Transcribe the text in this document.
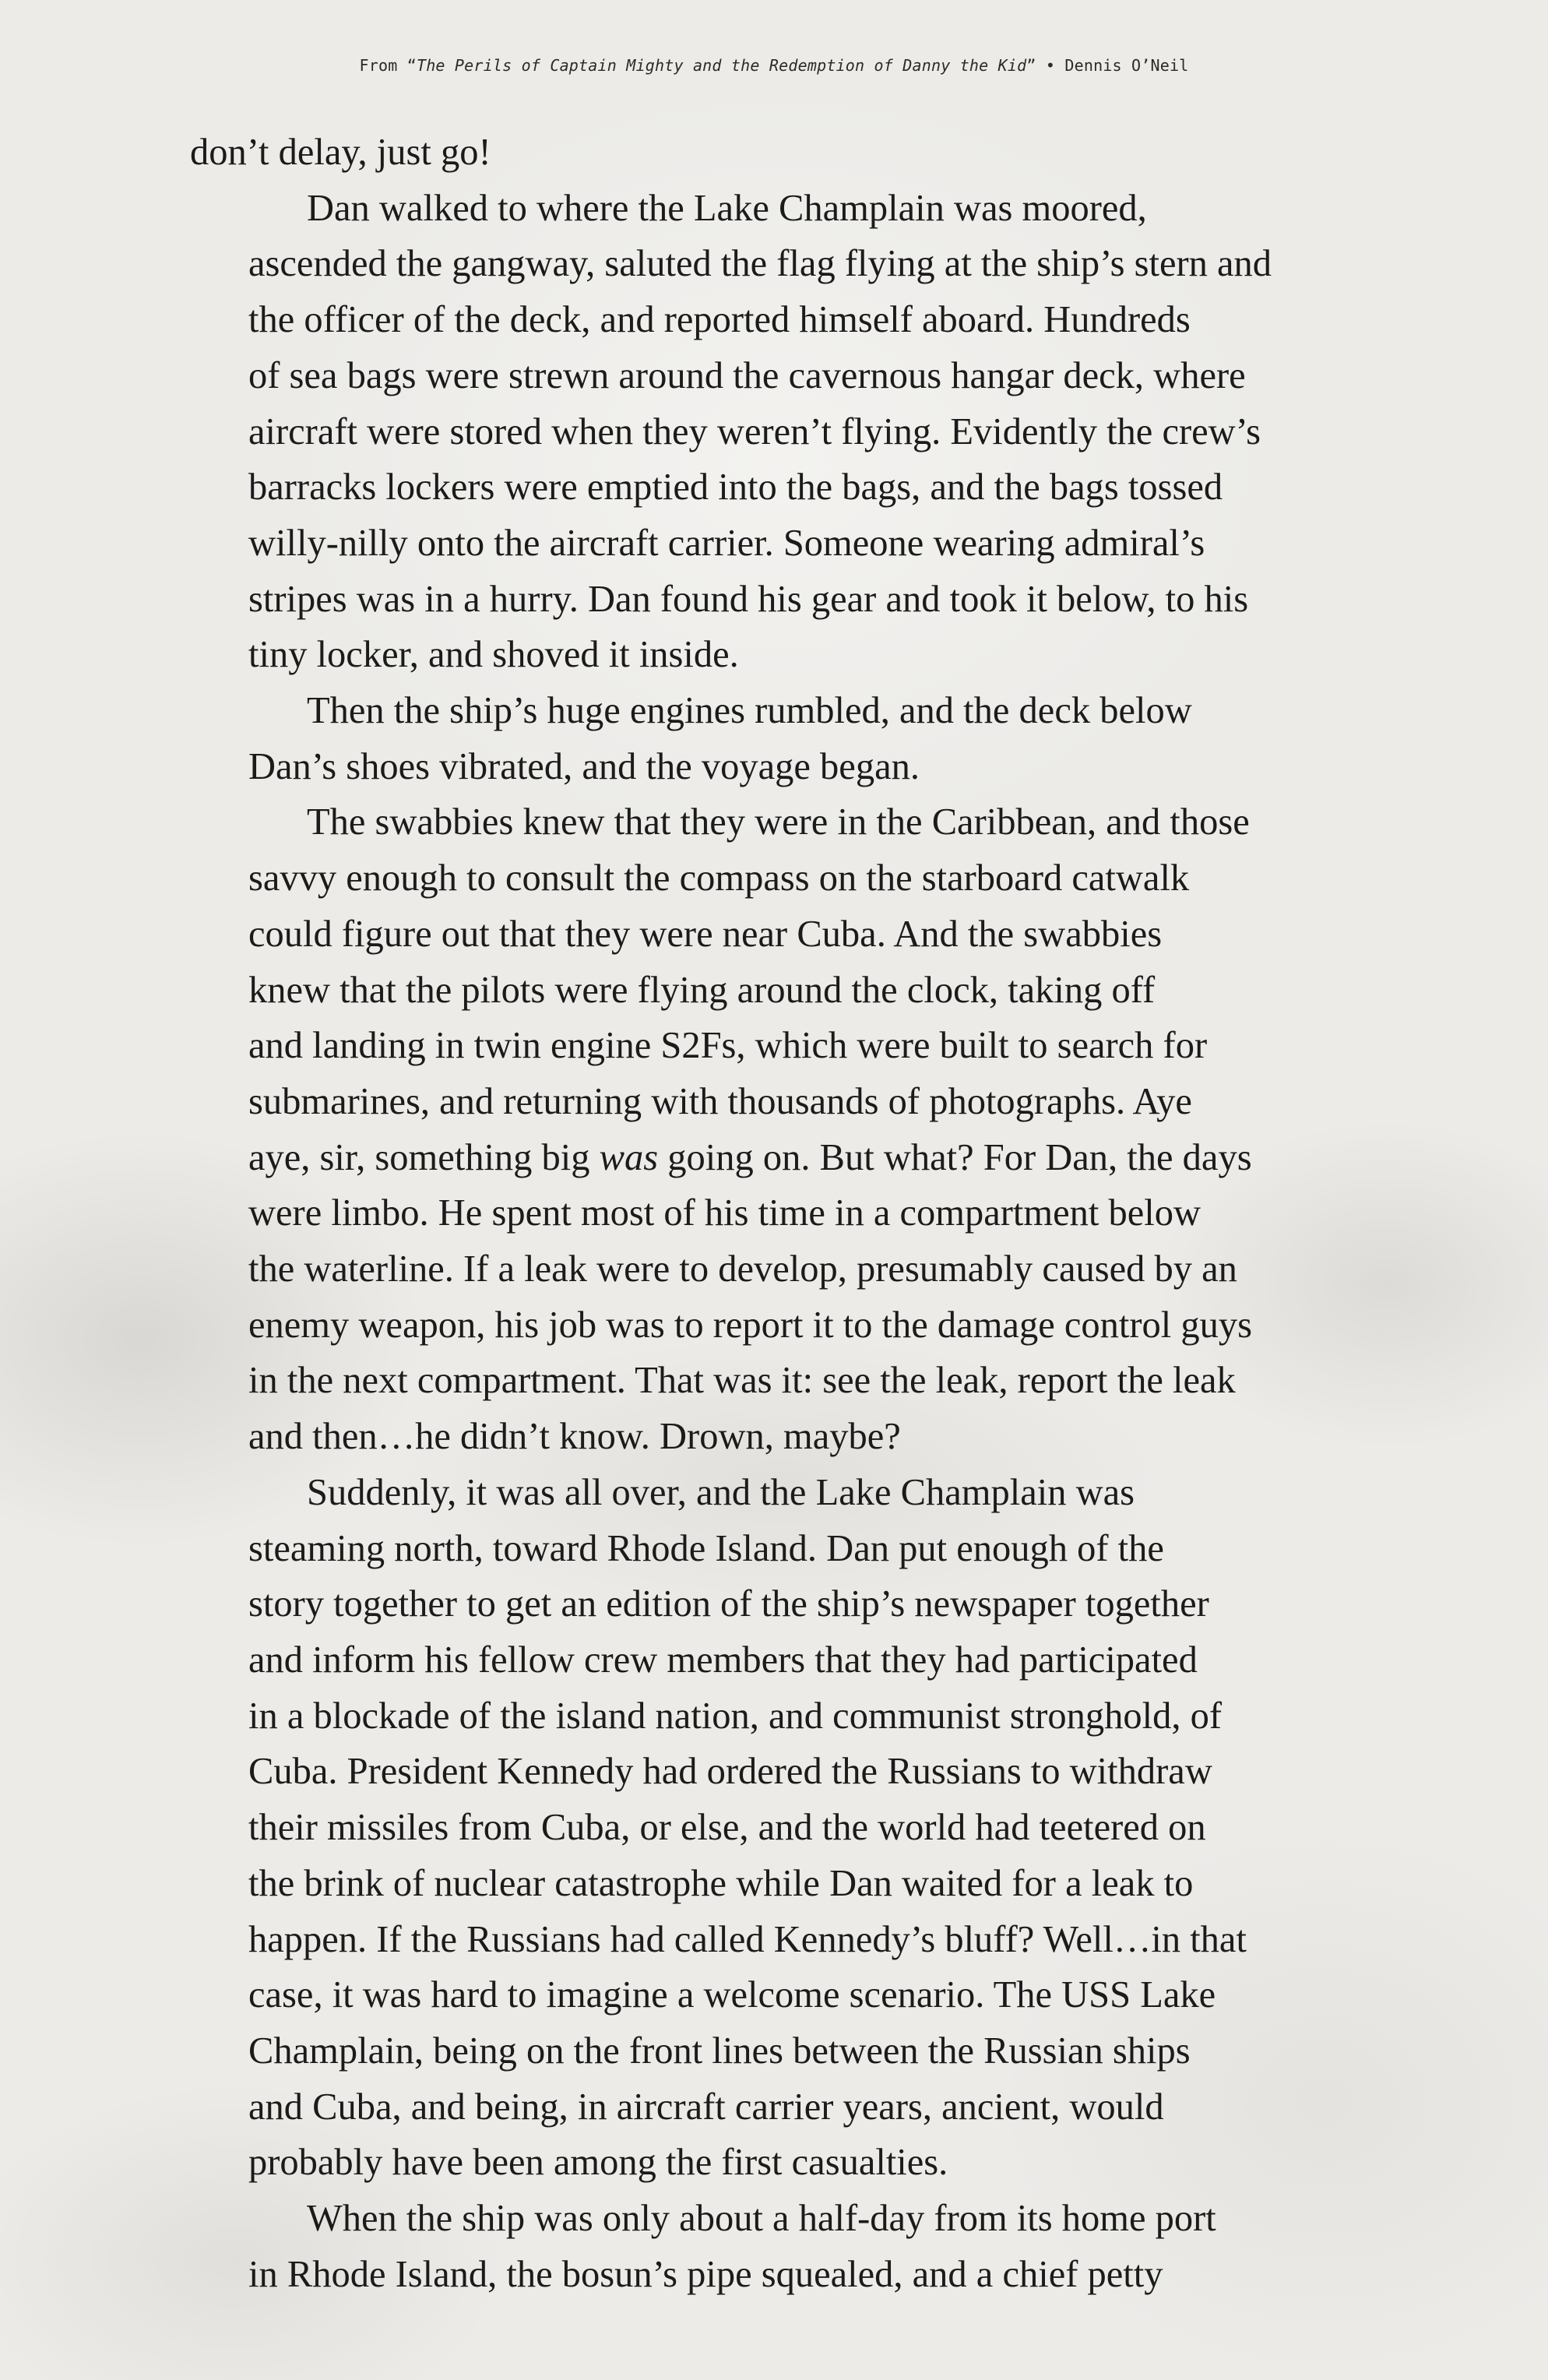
From “The Perils of Captain Mighty and the Redemption of Danny the Kid” • Dennis O’Neil

don’t delay, just go!

Dan walked to where the Lake Champlain was moored,
ascended the gangway, saluted the flag flying at the ship’s stern and
the officer of the deck, and reported himself aboard. Hundreds
of sea bags were strewn around the cavernous hangar deck, where
aircraft were stored when they weren’t flying. Evidently the crew’s
barracks lockers were emptied into the bags, and the bags tossed
willy-nilly onto the aircraft carrier. Someone wearing admiral’s
stripes was in a hurry. Dan found his gear and took it below, to his
tiny locker, and shoved it inside.

Then the ship’s huge engines rumbled, and the deck below
Dan’s shoes vibrated, and the voyage began.

The swabbies knew that they were in the Caribbean, and those
savvy enough to consult the compass on the starboard catwalk
could figure out that they were near Cuba. And the swabbies
knew that the pilots were flying around the clock, taking off
and landing in twin engine S2Fs, which were built to search for
submarines, and returning with thousands of photographs. Aye
aye, sir, something big was going on. But what? For Dan, the days
were limbo. He spent most of his time in a compartment below
the waterline. If a leak were to develop, presumably caused by an
enemy weapon, his job was to report it to the damage control guys
in the next compartment. That was it: see the leak, report the leak
and then…he didn’t know. Drown, maybe?

Suddenly, it was all over, and the Lake Champlain was
steaming north, toward Rhode Island. Dan put enough of the
story together to get an edition of the ship’s newspaper together
and inform his fellow crew members that they had participated
in a blockade of the island nation, and communist stronghold, of
Cuba. President Kennedy had ordered the Russians to withdraw
their missiles from Cuba, or else, and the world had teetered on
the brink of nuclear catastrophe while Dan waited for a leak to
happen. If the Russians had called Kennedy’s bluff? Well…in that
case, it was hard to imagine a welcome scenario. The USS Lake
Champlain, being on the front lines between the Russian ships
and Cuba, and being, in aircraft carrier years, ancient, would
probably have been among the first casualties.

When the ship was only about a half-day from its home port
in Rhode Island, the bosun’s pipe squealed, and a chief petty
